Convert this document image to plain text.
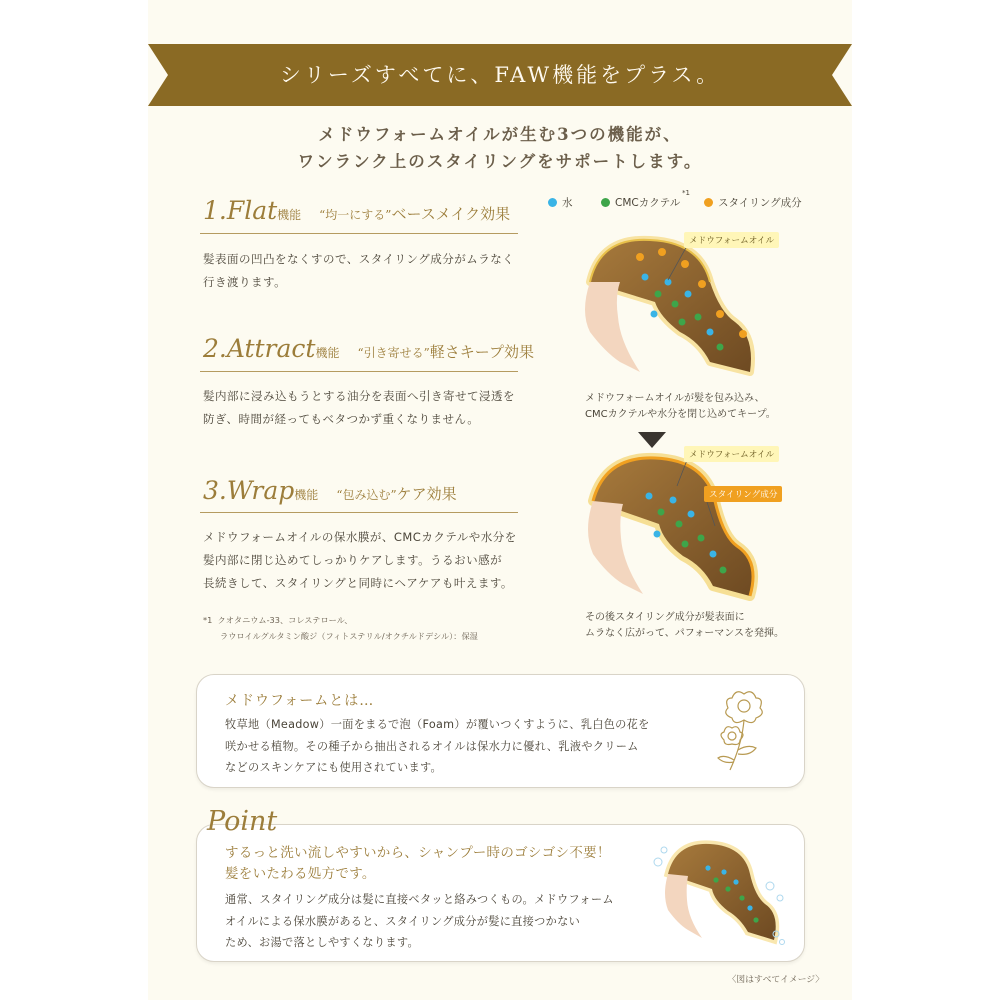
シリーズすべてに、FAW機能をプラス。
メドウフォームオイルが生む3つの機能が、
ワンランク上のスタイリングをサポートします。
1.Flat機能 “均一にする”ベースメイク効果
髪表面の凹凸をなくすので、スタイリング成分がムラなく
行き渡ります。
2.Attract機能 “引き寄せる”軽さキープ効果
髪内部に浸み込もうとする油分を表面へ引き寄せて浸透を
防ぎ、時間が経ってもベタつかず重くなりません。
3.Wrap機能 “包み込む”ケア効果
メドウフォームオイルの保水膜が、CMCカクテルや水分を
髪内部に閉じ込めてしっかりケアします。うるおい感が
長続きして、スタイリングと同時にヘアケアも叶えます。
*1 クオタニウム-33、コレステロール、
ラウロイルグルタミン酸ジ（フィトステリル/オクチルドデシル）：保湿
水	CMCカクテル
*1
スタイリング成分
メドウフォームオイル
メドウフォームオイルが髪を包み込み、
CMCカクテルや水分を閉じ込めてキープ。
メドウフォームオイル
スタイリング成分
その後スタイリング成分が髪表面に
ムラなく広がって、パフォーマンスを発揮。
メドウフォームとは…
牧草地（Meadow）一面をまるで泡（Foam）が覆いつくすように、乳白色の花を
咲かせる植物。その種子から抽出されるオイルは保水力に優れ、乳液やクリーム
などのスキンケアにも使用されています。
Point
するっと洗い流しやすいから、シャンプー時のゴシゴシ不要！
髪をいたわる処方です。
通常、スタイリング成分は髪に直接ベタッと絡みつくもの。メドウフォーム
オイルによる保水膜があると、スタイリング成分が髪に直接つかない
ため、お湯で落としやすくなります。
〈図はすべてイメージ〉
